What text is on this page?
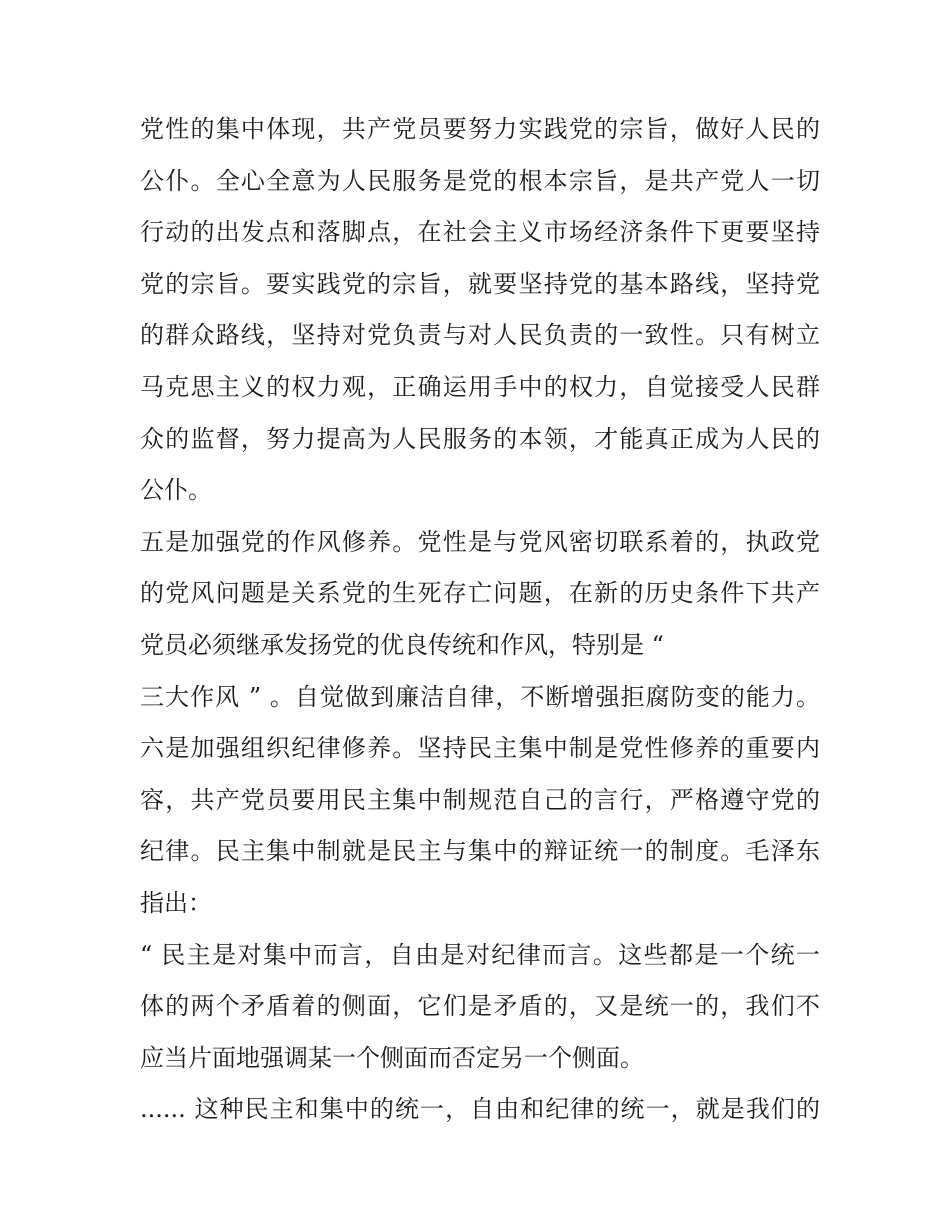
党性的集中体现，共产党员要努力实践党的宗旨，做好人民的
公仆。全心全意为人民服务是党的根本宗旨，是共产党人一切
行动的出发点和落脚点，在社会主义市场经济条件下更要坚持
党的宗旨。要实践党的宗旨，就要坚持党的基本路线，坚持党
的群众路线，坚持对党负责与对人民负责的一致性。只有树立
马克思主义的权力观，正确运用手中的权力，自觉接受人民群
众的监督，努力提高为人民服务的本领，才能真正成为人民的
公仆。
五是加强党的作风修养。党性是与党风密切联系着的，执政党
的党风问题是关系党的生死存亡问题，在新的历史条件下共产
党员必须继承发扬党的优良传统和作风，特别是 “
三大作风 ” 。自觉做到廉洁自律，不断增强拒腐防变的能力。
六是加强组织纪律修养。坚持民主集中制是党性修养的重要内
容，共产党员要用民主集中制规范自己的言行，严格遵守党的
纪律。民主集中制就是民主与集中的辩证统一的制度。毛泽东
指出：
“ 民主是对集中而言，自由是对纪律而言。这些都是一个统一
体的两个矛盾着的侧面，它们是矛盾的，又是统一的，我们不
应当片面地强调某一个侧面而否定另一个侧面。
...... 这种民主和集中的统一，自由和纪律的统一，就是我们的
